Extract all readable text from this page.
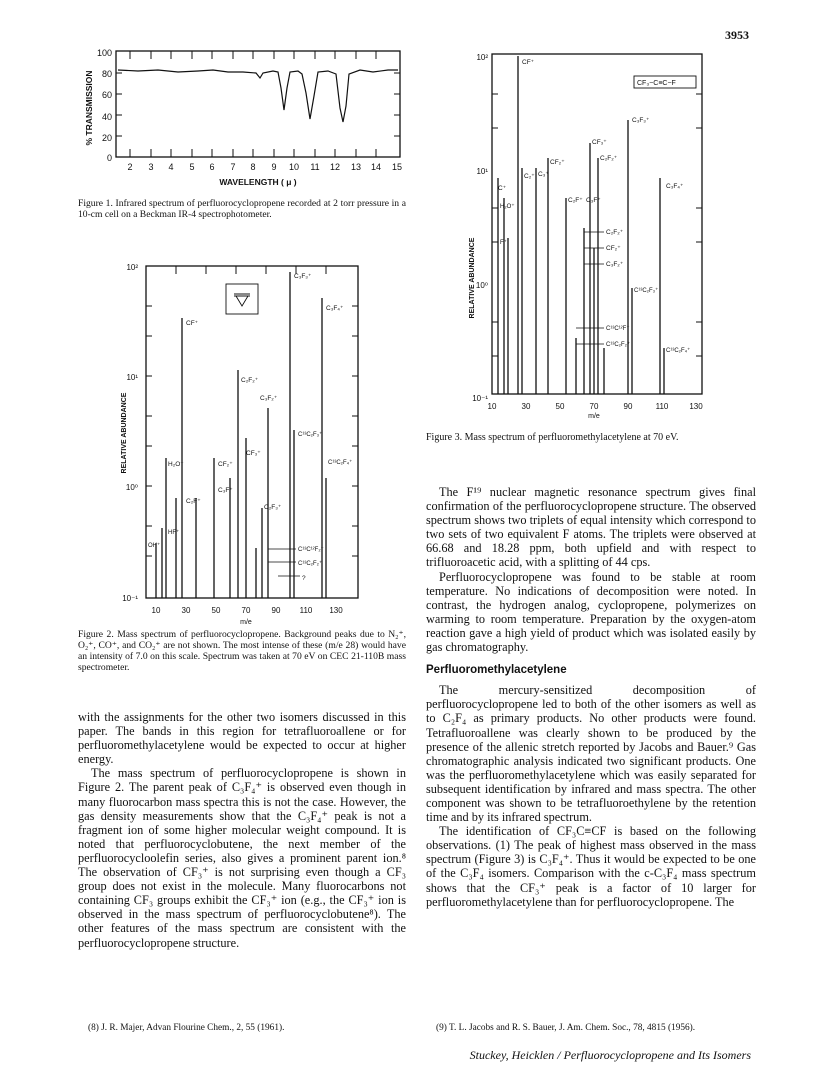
3953
% TRANSMISSION
100
80
60
40
20
0
2 3 4 5 6 7 8 9 10 11 12 13 14 15
WAVELENGTH ( μ )
Figure 1. Infrared spectrum of perfluorocyclopropene recorded at 2 torr pressure in a 10-cm cell on a Beckman IR-4 spectrophotometer.
10²
10¹
10⁰
10⁻¹
RELATIVE ABUNDANCE
C₃F₃⁺
C₃F₄⁺
CF⁺
C₂F₂⁺
C₃F₂⁺
C¹³C₂F₃⁺
C¹³C₂F₄⁺
CF₃⁺
H₂O⁺	CF₂⁺
C₃F⁺
C₂F⁺
C₂F₃⁺
HF⁺
OH⁺
C¹³C¹²F₂⁺
C¹³C₂F₂⁺
?
30
10	50	70	90 110 130
m/e
Figure 2. Mass spectrum of perfluorocyclopropene. Background peaks due to N₂⁺, O₂⁺, CO⁺, and CO₂⁺ are not shown. The most intense of these (m/e 28) would have an intensity of 7.0 on this scale. Spectrum was taken at 70 eV on CEC 21-110B mass spectrometer.
10²
10¹
10⁰
10⁻¹
RELATIVE ABUNDANCE
CF₃−C≡C−F
CF⁺
C₃F₃⁺
CF₃⁺
C₂F₂⁺
C⁺
C₂⁺ C₃⁺
CF₂⁺
C₂F⁺
C₃F₄⁺
C₃F⁺
H₂O⁺
F⁺
C₂F₂⁺
CF₂⁺
C₃F₂⁺
C¹³C₂F₃⁺
C¹³C¹²F⁺
C¹³C₂F₂⁺
C¹³C₂F₄⁺
10	30	50	70	90	110	130
m/e
Figure 3. Mass spectrum of perfluoromethylacetylene at 70 eV.

with the assignments for the other two isomers discussed in this paper. The bands in this region for tetrafluoroallene or for perfluoromethylacetylene would be expected to occur at higher energy.

The mass spectrum of perfluorocyclopropene is shown in Figure 2. The parent peak of C₃F₄⁺ is observed even though in many fluorocarbon mass spectra this is not the case. However, the gas density measurements show that the C₃F₄⁺ peak is not a fragment ion of some higher molecular weight compound. It is noted that perfluorocyclobutene, the next member of the perfluorocycloolefin series, also gives a prominent parent ion.⁸ The observation of CF₃⁺ is not surprising even though a CF₃ group does not exist in the molecule. Many fluorocarbons not containing CF₃ groups exhibit the CF₃⁺ ion (e.g., the CF₃⁺ ion is observed in the mass spectrum of perfluorocyclobutene⁸). The other features of the mass spectrum are consistent with the perfluorocyclopropene structure.

(8) J. R. Majer, Advan Flourine Chem., 2, 55 (1961).

The F¹⁹ nuclear magnetic resonance spectrum gives final confirmation of the perfluorocyclopropene structure. The observed spectrum shows two triplets of equal intensity which correspond to two sets of two equivalent F atoms. The triplets were observed at 66.68 and 18.28 ppm, both upfield and with respect to trifluoroacetic acid, with a splitting of 44 cps.

Perfluorocyclopropene was found to be stable at room temperature. No indications of decomposition were noted. In contrast, the hydrogen analog, cyclopropene, polymerizes on warming to room temperature. Preparation by the oxygen-atom reaction gave a high yield of product which was isolated easily by gas chromatography.

Perfluoromethylacetylene

The mercury-sensitized decomposition of perfluorocyclopropene led to both of the other isomers as well as to C₂F₄ as primary products. No other products were found. Tetrafluoroallene was clearly shown to be produced by the presence of the allenic stretch reported by Jacobs and Bauer.⁹ Gas chromatographic analysis indicated two significant products. One was the perfluoromethylacetylene which was easily separated for subsequent identification by infrared and mass spectra. The other component was shown to be tetrafluoroethylene by the retention time and by its infrared spectrum.

The identification of CF₃C≡CF is based on the following observations. (1) The peak of highest mass observed in the mass spectrum (Figure 3) is C₃F₄⁺. Thus it would be expected to be one of the C₃F₄ isomers. Comparison with the c-C₃F₄ mass spectrum shows that the CF₃⁺ peak is a factor of 10 larger for perfluoromethylacetylene than for perfluorocyclopropene. The

(9) T. L. Jacobs and R. S. Bauer, J. Am. Chem. Soc., 78, 4815 (1956).
Stuckey, Heicklen / Perfluorocyclopropene and Its Isomers
